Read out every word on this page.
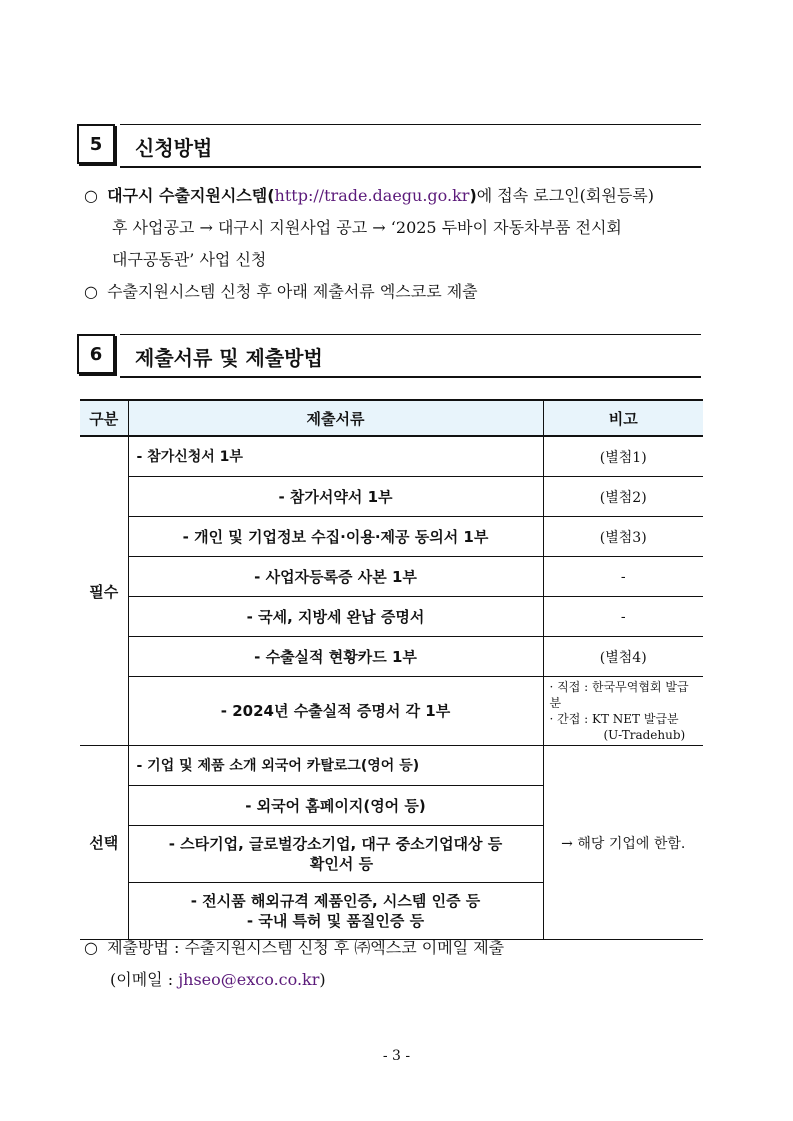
5	신청방법
○ 대구시 수출지원시스템(http://trade.daegu.go.kr)에 접속 로그인(회원등록)
후 사업공고 → 대구시 지원사업 공고 → ‘2025 두바이 자동차부품 전시회
대구공동관’ 사업 신청
○ 수출지원시스템 신청 후 아래 제출서류 엑스코로 제출
6	제출서류 및 제출방법
구분	제출서류	비고
필수	- 참가신청서 1부	(별첨1)
	- 참가서약서 1부	(별첨2)
	- 개인 및 기업정보 수집·이용·제공 동의서 1부	(별첨3)
	- 사업자등록증 사본 1부	-
	- 국세, 지방세 완납 증명서	-
	- 수출실적 현황카드 1부	(별첨4)
	- 2024년 수출실적 증명서 각 1부	· 직접 : 한국무역협회 발급분
· 간접 : KT NET 발급분
(U-Tradehub)

선택	- 기업 및 제품 소개 외국어 카탈로그(영어 등)	→ 해당 기업에 한함.
	- 외국어 홈페이지(영어 등)	

	- 스타기업, 글로벌강소기업, 대구 중소기업대상 등
확인서 등	

	- 전시품 해외규격 제품인증, 시스템 인증 등
- 국내 특허 및 품질인증 등	
○ 제출방법 : 수출지원시스템 신청 후 ㈜엑스코 이메일 제출
(이메일 : jhseo@exco.co.kr)
- 3 -
